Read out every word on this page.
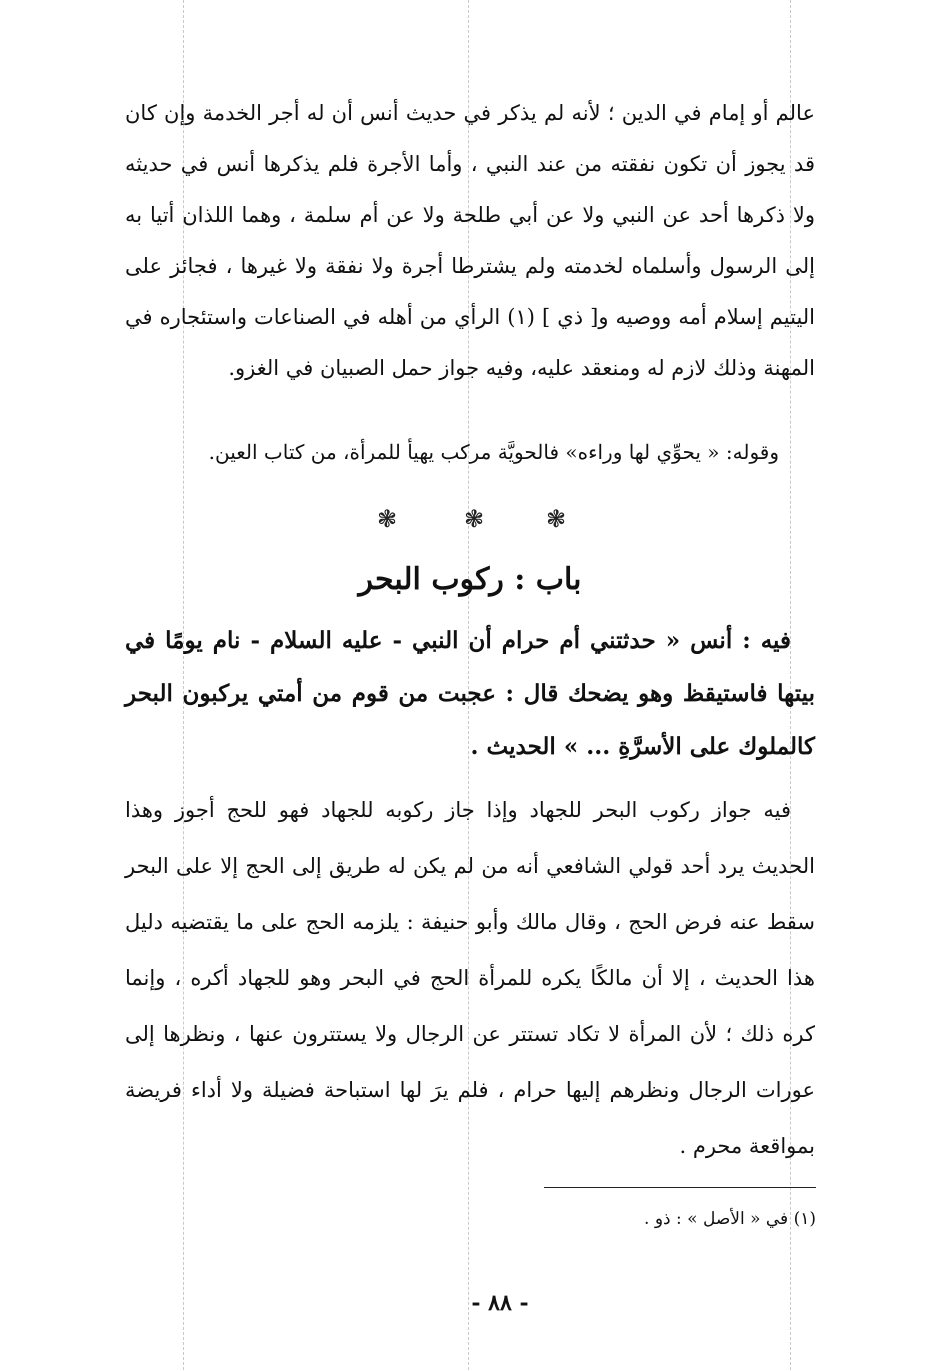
عالم أو إمام في الدين ؛ لأنه لم يذكر في حديث أنس أن له أجر الخدمة وإن كان قد يجوز أن تكون نفقته من عند النبي ، وأما الأجرة فلم يذكرها أنس في حديثه ولا ذكرها أحد عن النبي ولا عن أبي طلحة ولا عن أم سلمة ، وهما اللذان أتيا به إلى الرسول وأسلماه لخدمته ولم يشترطا أجرة ولا نفقة ولا غيرها ، فجائز على اليتيم إسلام أمه ووصيه و[ ذي ] (١) الرأي من أهله في الصناعات واستئجاره في المهنة وذلك لازم له ومنعقد عليه، وفيه جواز حمل الصبيان في الغزو.

وقوله: « يحوِّي لها وراءه» فالحويَّة مركب يهيأ للمرأة، من كتاب العين.

❃	❃	❃
باب : ركوب البحر

فيه : أنس « حدثتني أم حرام أن النبي - عليه السلام - نام يومًا في بيتها فاستيقظ وهو يضحك قال : عجبت من قوم من أمتي يركبون البحر كالملوك على الأسرَّةِ ... » الحديث .

فيه جواز ركوب البحر للجهاد وإذا جاز ركوبه للجهاد فهو للحج أجوز وهذا الحديث يرد أحد قولي الشافعي أنه من لم يكن له طريق إلى الحج إلا على البحر سقط عنه فرض الحج ، وقال مالك وأبو حنيفة : يلزمه الحج على ما يقتضيه دليل هذا الحديث ، إلا أن مالكًا يكره للمرأة الحج في البحر وهو للجهاد أكره ، وإنما كره ذلك ؛ لأن المرأة لا تكاد تستتر عن الرجال ولا يستترون عنها ، ونظرها إلى عورات الرجال ونظرهم إليها حرام ، فلم يرَ لها استباحة فضيلة ولا أداء فريضة بمواقعة محرم .

(١) في « الأصل » : ذو .
- ٨٨ -
